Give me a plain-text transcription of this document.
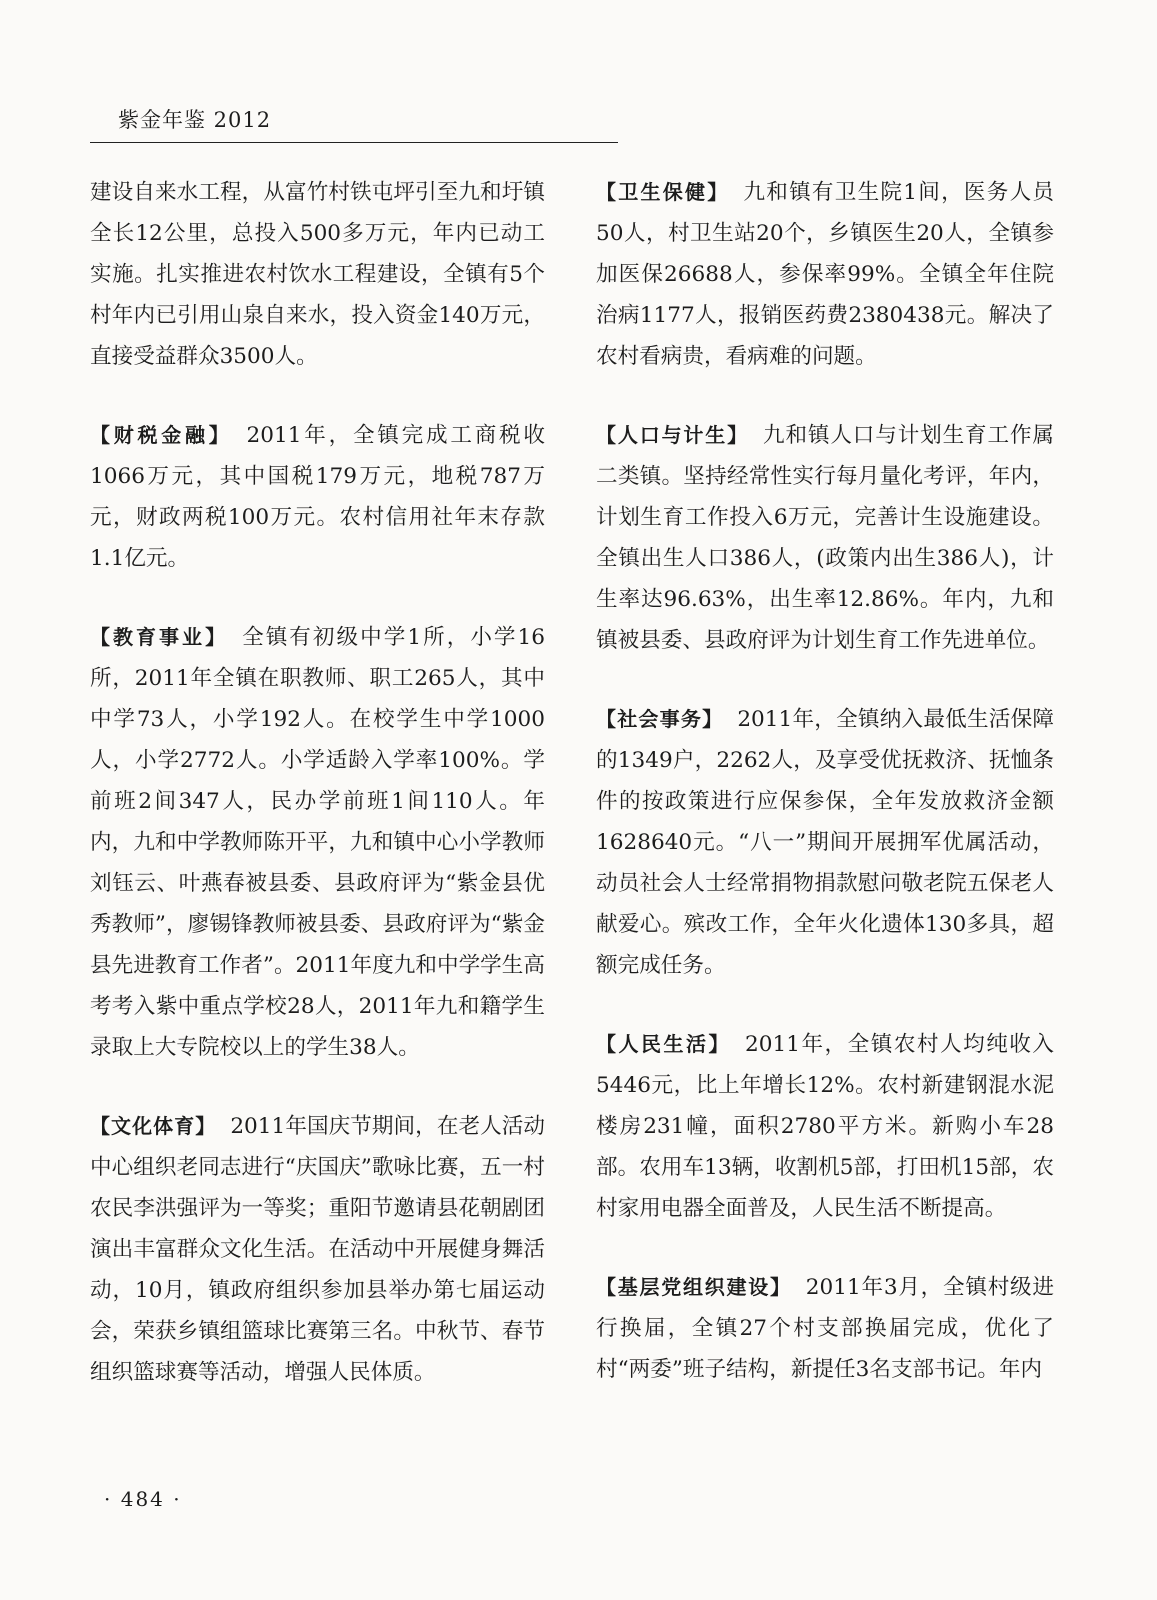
紫金年鉴 2012

建设自来水工程，从富竹村铁屯坪引至九和圩镇全长12公里，总投入500多万元，年内已动工实施。扎实推进农村饮水工程建设，全镇有5个村年内已引用山泉自来水，投入资金140万元，直接受益群众3500人。

【财税金融】 2011年，全镇完成工商税收1066万元，其中国税179万元，地税787万元，财政两税100万元。农村信用社年末存款1.1亿元。

【教育事业】 全镇有初级中学1所，小学16所，2011年全镇在职教师、职工265人，其中中学73人，小学192人。在校学生中学1000人，小学2772人。小学适龄入学率100%。学前班2间347人，民办学前班1间110人。年内，九和中学教师陈开平，九和镇中心小学教师刘钰云、叶燕春被县委、县政府评为“紫金县优秀教师”，廖锡锋教师被县委、县政府评为“紫金县先进教育工作者”。2011年度九和中学学生高考考入紫中重点学校28人，2011年九和籍学生录取上大专院校以上的学生38人。

【文化体育】 2011年国庆节期间，在老人活动中心组织老同志进行“庆国庆”歌咏比赛，五一村农民李洪强评为一等奖；重阳节邀请县花朝剧团演出丰富群众文化生活。在活动中开展健身舞活动，10月，镇政府组织参加县举办第七届运动会，荣获乡镇组篮球比赛第三名。中秋节、春节组织篮球赛等活动，增强人民体质。

【卫生保健】 九和镇有卫生院1间，医务人员50人，村卫生站20个，乡镇医生20人，全镇参加医保26688人，参保率99%。全镇全年住院治病1177人，报销医药费2380438元。解决了农村看病贵，看病难的问题。

【人口与计生】 九和镇人口与计划生育工作属二类镇。坚持经常性实行每月量化考评，年内，计划生育工作投入6万元，完善计生设施建设。全镇出生人口386人，(政策内出生386人)，计生率达96.63%，出生率12.86%。年内，九和镇被县委、县政府评为计划生育工作先进单位。

【社会事务】 2011年，全镇纳入最低生活保障的1349户，2262人，及享受优抚救济、抚恤条件的按政策进行应保参保，全年发放救济金额1628640元。“八一”期间开展拥军优属活动，动员社会人士经常捐物捐款慰问敬老院五保老人献爱心。殡改工作，全年火化遗体130多具，超额完成任务。

【人民生活】 2011年，全镇农村人均纯收入5446元，比上年增长12%。农村新建钢混水泥楼房231幢，面积2780平方米。新购小车28部。农用车13辆，收割机5部，打田机15部，农村家用电器全面普及，人民生活不断提高。

【基层党组织建设】 2011年3月，全镇村级进行换届，全镇27个村支部换届完成，优化了村“两委”班子结构，新提任3名支部书记。年内

· 484 ·
